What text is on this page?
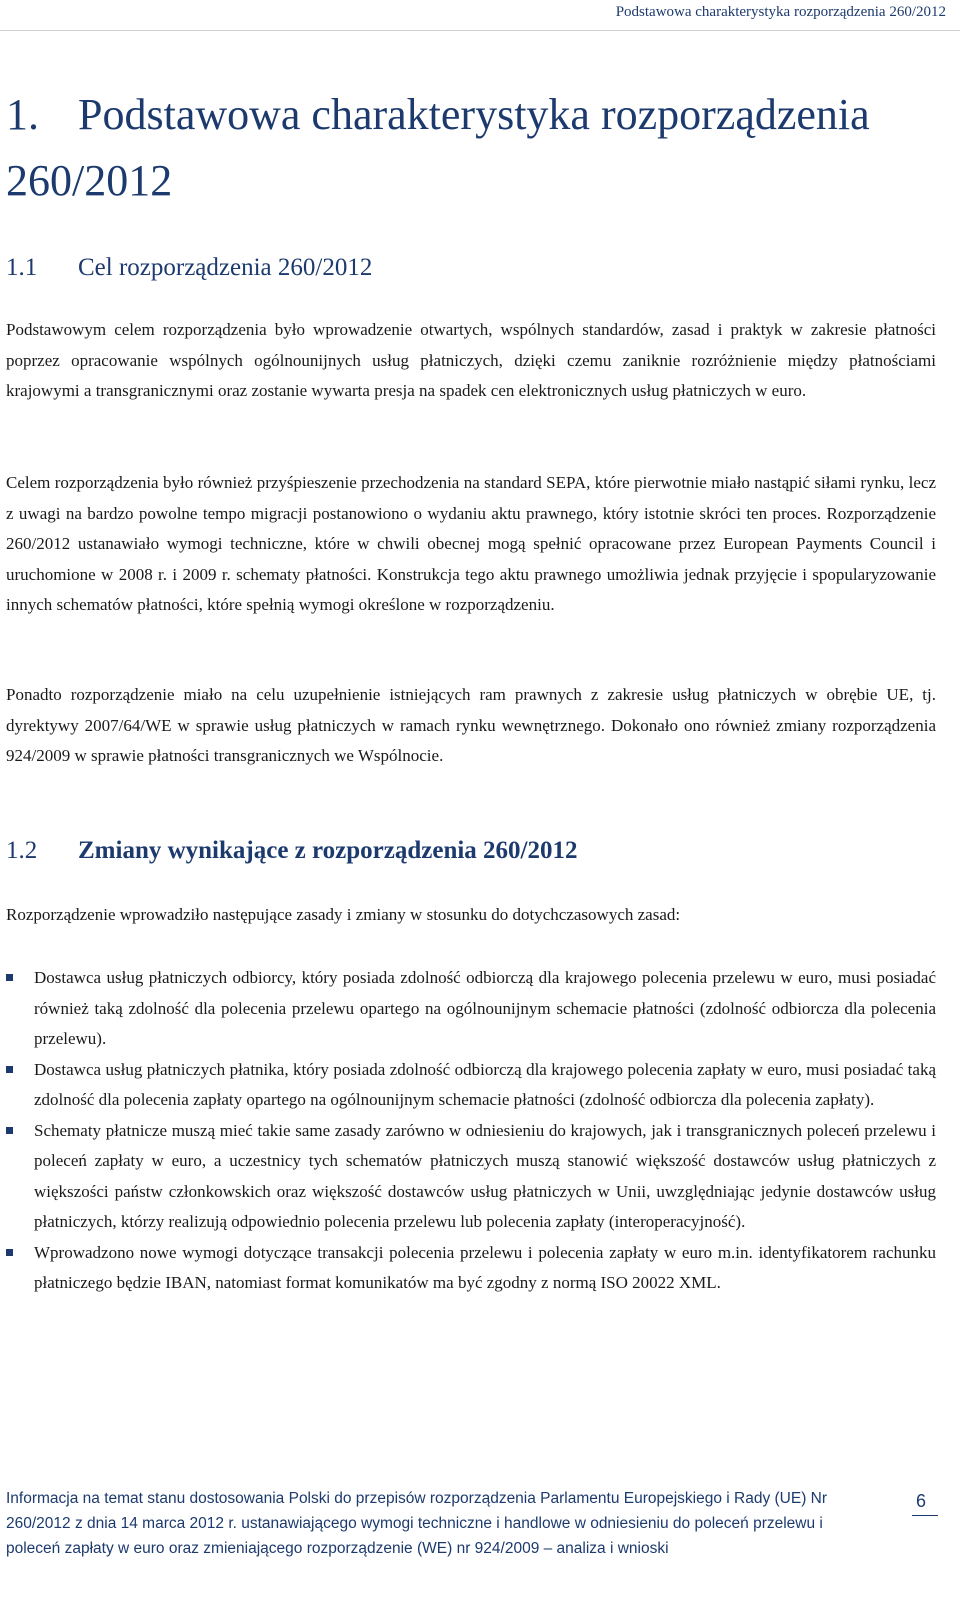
Podstawowa charakterystyka rozporządzenia 260/2012
1. Podstawowa charakterystyka rozporządzenia 260/2012
1.1 Cel rozporządzenia 260/2012

Podstawowym celem rozporządzenia było wprowadzenie otwartych, wspólnych standardów, zasad i praktyk w zakresie płatności poprzez opracowanie wspólnych ogólnounijnych usług płatniczych, dzięki czemu zaniknie rozróżnienie między płatnościami krajowymi a transgranicznymi oraz zostanie wywarta presja na spadek cen elektronicznych usług płatniczych w euro.

Celem rozporządzenia było również przyśpieszenie przechodzenia na standard SEPA, które pierwotnie miało nastąpić siłami rynku, lecz z uwagi na bardzo powolne tempo migracji postanowiono o wydaniu aktu prawnego, który istotnie skróci ten proces. Rozporządzenie 260/2012 ustanawiało wymogi techniczne, które w chwili obecnej mogą spełnić opracowane przez European Payments Council i uruchomione w 2008 r. i 2009 r. schematy płatności. Konstrukcja tego aktu prawnego umożliwia jednak przyjęcie i spopularyzowanie innych schematów płatności, które spełnią wymogi określone w rozporządzeniu.

Ponadto rozporządzenie miało na celu uzupełnienie istniejących ram prawnych z zakresie usług płatniczych w obrębie UE, tj. dyrektywy 2007/64/WE w sprawie usług płatniczych w ramach rynku wewnętrznego. Dokonało ono również zmiany rozporządzenia 924/2009 w sprawie płatności transgranicznych we Wspólnocie.

1.2 Zmiany wynikające z rozporządzenia 260/2012

Rozporządzenie wprowadziło następujące zasady i zmiany w stosunku do dotychczasowych zasad:

Dostawca usług płatniczych odbiorcy, który posiada zdolność odbiorczą dla krajowego polecenia przelewu w euro, musi posiadać również taką zdolność dla polecenia przelewu opartego na ogólnounijnym schemacie płatności (zdolność odbiorcza dla polecenia przelewu).
Dostawca usług płatniczych płatnika, który posiada zdolność odbiorczą dla krajowego polecenia zapłaty w euro, musi posiadać taką zdolność dla polecenia zapłaty opartego na ogólnounijnym schemacie płatności (zdolność odbiorcza dla polecenia zapłaty).
Schematy płatnicze muszą mieć takie same zasady zarówno w odniesieniu do krajowych, jak i transgranicznych poleceń przelewu i poleceń zapłaty w euro, a uczestnicy tych schematów płatniczych muszą stanowić większość dostawców usług płatniczych z większości państw członkowskich oraz większość dostawców usług płatniczych w Unii, uwzględniając jedynie dostawców usług płatniczych, którzy realizują odpowiednio polecenia przelewu lub polecenia zapłaty (interoperacyjność).
Wprowadzono nowe wymogi dotyczące transakcji polecenia przelewu i polecenia zapłaty w euro m.in. identyfikatorem rachunku płatniczego będzie IBAN, natomiast format komunikatów ma być zgodny z normą ISO 20022 XML.
Informacja na temat stanu dostosowania Polski do przepisów rozporządzenia Parlamentu Europejskiego i Rady (UE) Nr 260/2012 z dnia 14 marca 2012 r. ustanawiającego wymogi techniczne i handlowe w odniesieniu do poleceń przelewu i poleceń zapłaty w euro oraz zmieniającego rozporządzenie (WE) nr 924/2009 – analiza i wnioski
6
